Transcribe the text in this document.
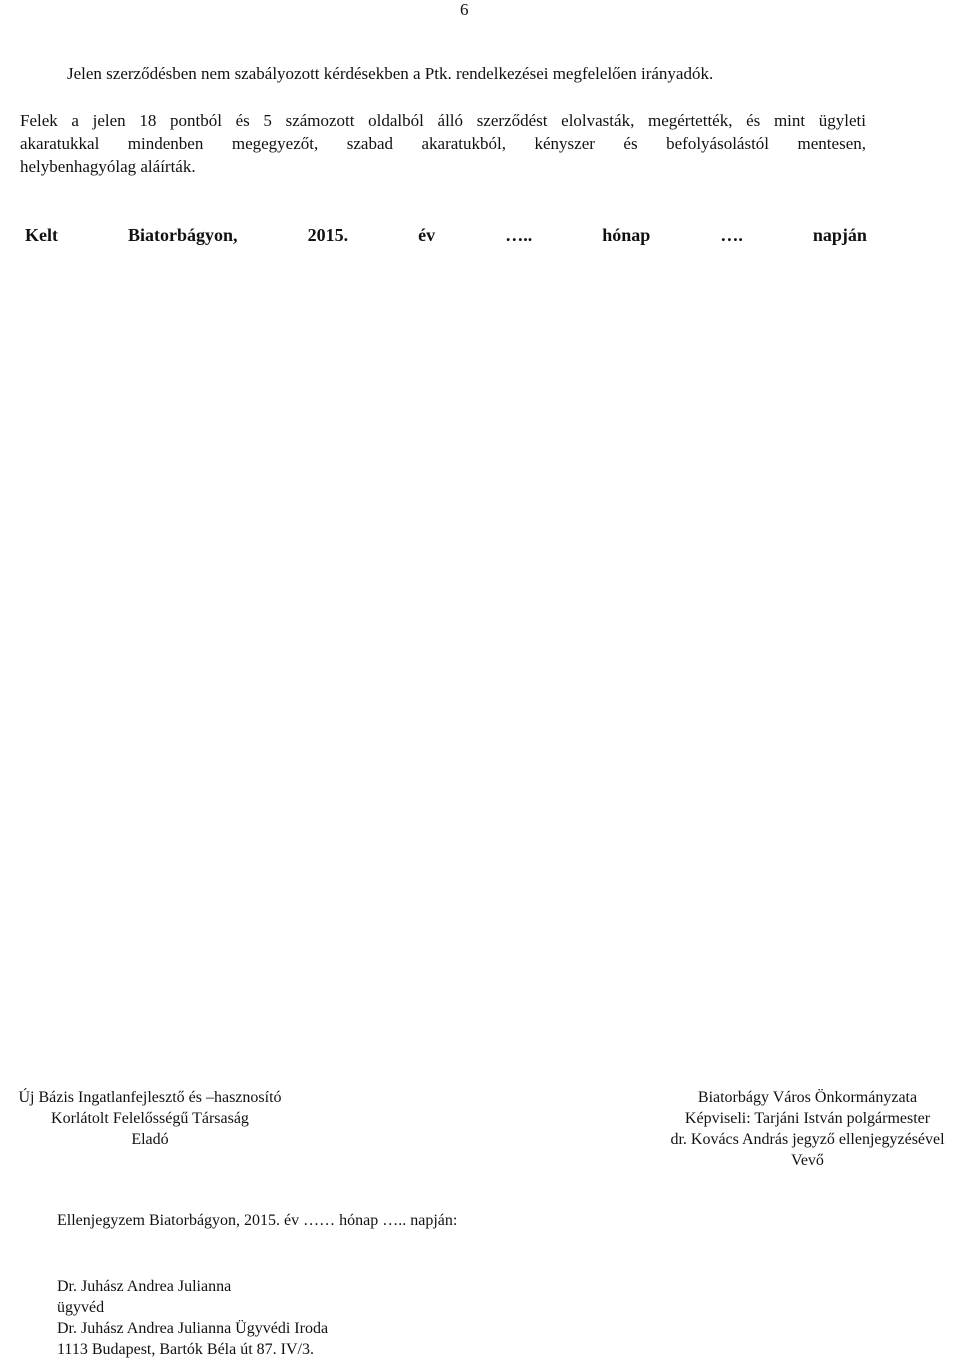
6
Jelen szerződésben nem szabályozott kérdésekben a Ptk. rendelkezései megfelelően irányadók.
Felek a jelen 18 pontból és 5 számozott oldalból álló szerződést elolvasták, megértették, és mint ügyleti
akaratukkal mindenben megegyezőt, szabad akaratukból, kényszer és befolyásolástól mentesen,
helybenhagyólag aláírták.
Kelt	Biatorbágyon,	2015.	év	…..	hónap	….	napján
Új Bázis Ingatlanfejlesztő és –hasznosító
Korlátolt Felelősségű Társaság
Eladó
Biatorbágy Város Önkormányzata
Képviseli: Tarjáni István polgármester
dr. Kovács András jegyző ellenjegyzésével
Vevő
Ellenjegyzem Biatorbágyon, 2015. év …… hónap ….. napján:
Dr. Juhász Andrea Julianna
ügyvéd
Dr. Juhász Andrea Julianna Ügyvédi Iroda
1113 Budapest, Bartók Béla út 87. IV/3.
